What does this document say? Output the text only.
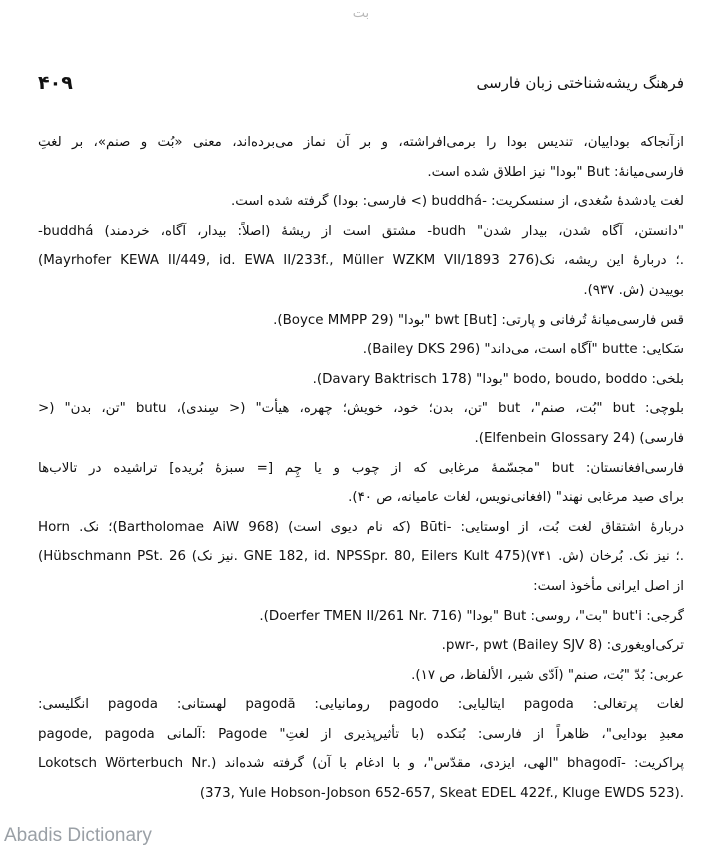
بت
۴۰۹	فرهنگ ریشه‌شناختی زبان فارسی
ازآنجاکه بوداییان، تندیس بودا را برمی‌افراشته، و بر آن نماز می‌برده‌اند، معنی «بُت و صنم»، بر لغتِ
فارسی‌میانهٔ: But "بودا" نیز اطلاق شده است.
لغت یادشدهٔ سُغدی، از سنسکریت: -buddhá (> فارسی: بودا) گرفته شده است.
-buddhá (اصلاً: بیدار، آگاه، خردمند) مشتق است از ریشهٔ -budh "دانستن، آگاه شدن، بیدار شدن"
(Mayrhofer KEWA II/449, id. EWA II/233f., Müller WZKM VII/1893 276)؛ دربارهٔ این ریشه، نک.
بوییدن (ش. ۹۳۷).
قس فارسی‌میانهٔ تُرفانی و پارتی: bwt [But] "بودا" (Boyce MMPP 29).
سَکایی: butte "آگاه است، می‌داند" (Bailey DKS 296).
بلخی: bodo, boudo, boddo "بودا" (Davary Baktrisch 178).
بلوچی: but "بُت، صنم"، but "تن، بدن؛ خود، خویش؛ چهره، هیأت" (< سِندی)، butu "تن، بدن" (<
فارسی) (Elfenbein Glossary 24).
فارسی‌افغانستان: but "مجسّمهٔ مرغابی که از چوب و یا چِم [= سبزهٔ بُریده] تراشیده در تالاب‌ها
برای صید مرغابی نهند" (افغانی‌نویس، لغات عامیانه، ص ۴۰).
دربارهٔ اشتقاق لغت بُت، از اوستایی: -Būti (که نام دیوی است) (Bartholomae AiW 968)؛ نک. Horn
(Hübschmann PSt. 26 (نیز نک. GNE 182, id. NPSSpr. 80, Eilers Kult 475)؛ نیز نک. بُرخان (ش. ۷۴۱).
از اصل ایرانی مأخوذ است:
گرجی: but'i "بت"، روسی: But "بودا" (Doerfer TMEN II/261 Nr. 716).
ترکی‌اویغوری: pwr-, pwt (Bailey SJV 8).
عربی: بُدّ "بُت، صنم" (اَدّی شیر، الألفاظ، ص ۱۷).
لغات پرتغالی: pagoda ایتالیایی: pagodo رومانیایی: pagodă لهستانی: pagoda انگلیسی:
pagode, pagoda آلمانی: Pagode "معبدِ بودایی"، ظاهراً از فارسی: بُتکده (با تأثیرپذیری از لغتِ
پراکریت: -bhagodī "الهی، ایزدی، مقدّس"، و با ادغام با آن) گرفته شده‌اند (.Lokotsch Wörterbuch Nr
(373, Yule Hobson-Jobson 652-657, Skeat EDEL 422f., Kluge EWDS 523).
Abadis Dictionary
